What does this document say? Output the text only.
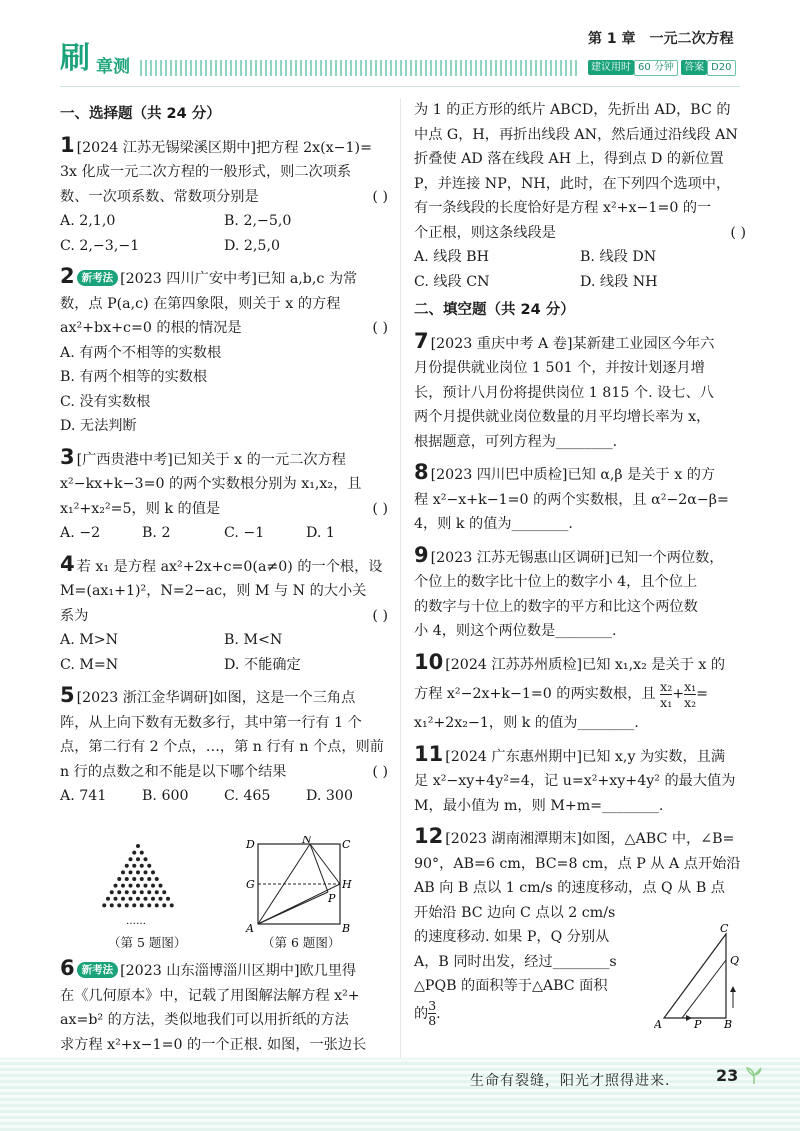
刷 章测
第 1 章 一元二次方程
建议用时 60 分钟 答案 D20
一、选择题（共 24 分）
1 [2024 江苏无锡梁溪区期中]把方程 2x(x−1)=
3x 化成一元二次方程的一般形式，则二次项系
数、一次项系数、常数项分别是	( )
A. 2,1,0	B. 2,−5,0
C. 2,−3,−1	D. 2,5,0
2 新考法 [2023 四川广安中考]已知 a,b,c 为常
数，点 P(a,c) 在第四象限，则关于 x 的方程
ax²+bx+c=0 的根的情况是	( )
A. 有两个不相等的实数根
B. 有两个相等的实数根
C. 没有实数根
D. 无法判断
3 [广西贵港中考]已知关于 x 的一元二次方程
x²−kx+k−3=0 的两个实数根分别为 x₁,x₂，且
x₁²+x₂²=5，则 k 的值是	( )
A. −2	B. 2	C. −1	D. 1
4 若 x₁ 是方程 ax²+2x+c=0(a≠0) 的一个根，设
M=(ax₁+1)²，N=2−ac，则 M 与 N 的大小关
系为	( )
A. M>N	B. M<N
C. M=N	D. 不能确定
5 [2023 浙江金华调研]如图，这是一个三角点
阵，从上向下数有无数多行，其中第一行有 1 个
点，第二行有 2 个点，…，第 n 行有 n 个点，则前
n 行的点数之和不能是以下哪个结果	( )
A. 741	B. 600	C. 465	D. 300
……
（第 5 题图）
N	C
D
G	H
P
A	B
（第 6 题图）
6 新考法 [2023 山东淄博淄川区期中]欧几里得
在《几何原本》中，记载了用图解法解方程 x²+
ax=b² 的方法，类似地我们可以用折纸的方法
求方程 x²+x−1=0 的一个正根. 如图，一张边长
为 1 的正方形的纸片 ABCD，先折出 AD，BC 的
中点 G，H，再折出线段 AN，然后通过沿线段 AN
折叠使 AD 落在线段 AH 上，得到点 D 的新位置
P，并连接 NP，NH，此时，在下列四个选项中，
有一条线段的长度恰好是方程 x²+x−1=0 的一
个正根，则这条线段是	( )
A. 线段 BH	B. 线段 DN
C. 线段 CN	D. 线段 NH
二、填空题（共 24 分）
7 [2023 重庆中考 A 卷]某新建工业园区今年六
月份提供就业岗位 1 501 个，并按计划逐月增
长，预计八月份将提供岗位 1 815 个. 设七、八
两个月提供就业岗位数量的月平均增长率为 x，
根据题意，可列方程为________.
8 [2023 四川巴中质检]已知 α,β 是关于 x 的方
程 x²−x+k−1=0 的两个实数根，且 α²−2α−β=
4，则 k 的值为________.
9 [2023 江苏无锡惠山区调研]已知一个两位数，
个位上的数字比十位上的数字小 4，且个位上
的数字与十位上的数字的平方和比这个两位数
小 4，则这个两位数是________.
10 [2024 江苏苏州质检]已知 x₁,x₂ 是关于 x 的
方程 x²−2x+k−1=0 的两实数根，且 $\frac{\text{x₂}}{\text{x₁}} + \frac{\text{x₁}}{\text{x₂}}$ =
x₁²+2x₂−1，则 k 的值为________.
11 [2024 广东惠州期中]已知 x,y 为实数，且满
足 x²−xy+4y²=4，记 u=x²+xy+4y² 的最大值为
M，最小值为 m，则 M+m=________.
12 [2023 湖南湘潭期末]如图，△ABC 中，∠B=
90°，AB=6 cm，BC=8 cm，点 P 从 A 点开始沿
AB 向 B 点以 1 cm/s 的速度移动，点 Q 从 B 点
开始沿 BC 边向 C 点以 2 cm/s
的速度移动. 如果 P，Q 分别从
A，B 同时出发，经过________s
△PQB 的面积等于△ABC 面积
的 $\frac{3}{8}$ .
C
Q
A	P B
生命有裂缝，阳光才照得进来.	23
